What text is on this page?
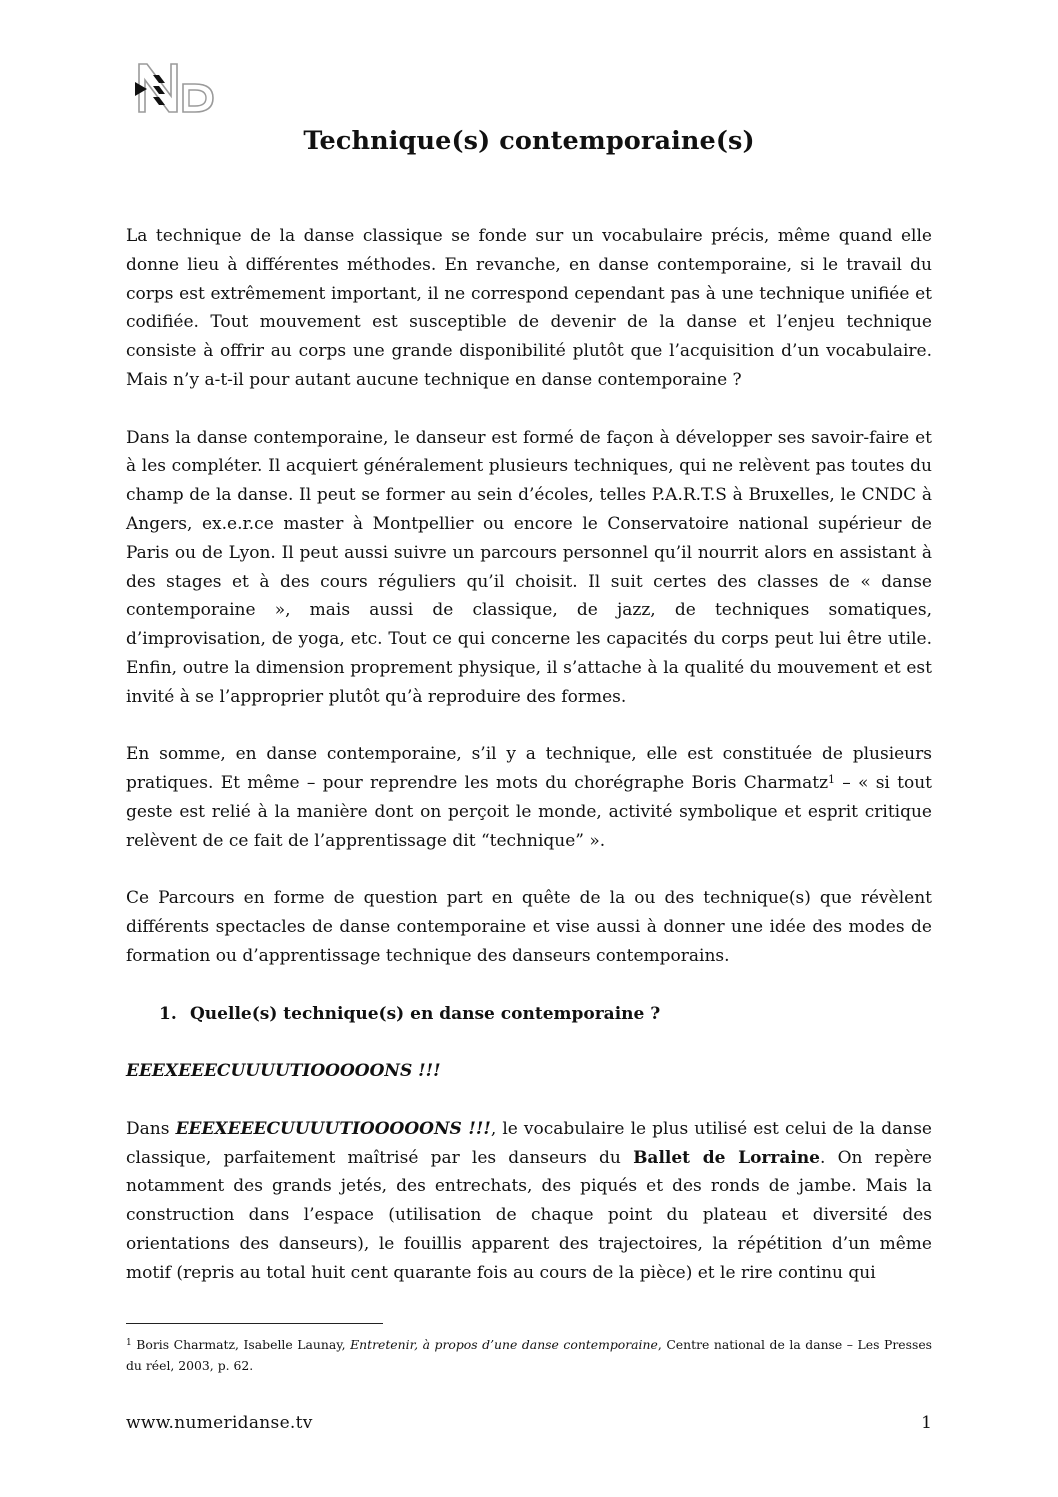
Technique(s) contemporaine(s)

La technique de la danse classique se fonde sur un vocabulaire précis, même quand elle donne lieu à différentes méthodes. En revanche, en danse contemporaine, si le travail du corps est extrêmement important, il ne correspond cependant pas à une technique unifiée et codifiée. Tout mouvement est susceptible de devenir de la danse et l’enjeu technique consiste à offrir au corps une grande disponibilité plutôt que l’acquisition d’un vocabulaire. Mais n’y a-t-il pour autant aucune technique en danse contemporaine ?

Dans la danse contemporaine, le danseur est formé de façon à développer ses savoir-faire et à les compléter. Il acquiert généralement plusieurs techniques, qui ne relèvent pas toutes du champ de la danse. Il peut se former au sein d’écoles, telles P.A.R.T.S à Bruxelles, le CNDC à Angers, ex.e.r.ce master à Montpellier ou encore le Conservatoire national supérieur de Paris ou de Lyon. Il peut aussi suivre un parcours personnel qu’il nourrit alors en assistant à des stages et à des cours réguliers qu’il choisit. Il suit certes des classes de « danse contemporaine », mais aussi de classique, de jazz, de techniques somatiques, d’improvisation, de yoga, etc. Tout ce qui concerne les capacités du corps peut lui être utile. Enfin, outre la dimension proprement physique, il s’attache à la qualité du mouvement et est invité à se l’approprier plutôt qu’à reproduire des formes.

En somme, en danse contemporaine, s’il y a technique, elle est constituée de plusieurs pratiques. Et même – pour reprendre les mots du chorégraphe Boris Charmatz$^1$ – « si tout geste est relié à la manière dont on perçoit le monde, activité symbolique et esprit critique relèvent de ce fait de l’apprentissage dit “technique” ».

Ce Parcours en forme de question part en quête de la ou des technique(s) que révèlent différents spectacles de danse contemporaine et vise aussi à donner une idée des modes de formation ou d’apprentissage technique des danseurs contemporains.

1. Quelle(s) technique(s) en danse contemporaine ?

EEEXEEECUUUUTIOOOOONS !!!

Dans EEEXEEECUUUUTIOOOOONS !!!, le vocabulaire le plus utilisé est celui de la danse classique, parfaitement maîtrisé par les danseurs du Ballet de Lorraine. On repère notamment des grands jetés, des entrechats, des piqués et des ronds de jambe. Mais la construction dans l’espace (utilisation de chaque point du plateau et diversité des orientations des danseurs), le fouillis apparent des trajectoires, la répétition d’un même motif (repris au total huit cent quarante fois au cours de la pièce) et le rire continu qui

$^1$ Boris Charmatz, Isabelle Launay, Entretenir, à propos d’une danse contemporaine, Centre national de la danse – Les Presses du réel, 2003, p. 62.
www.numeridanse.tv	1
